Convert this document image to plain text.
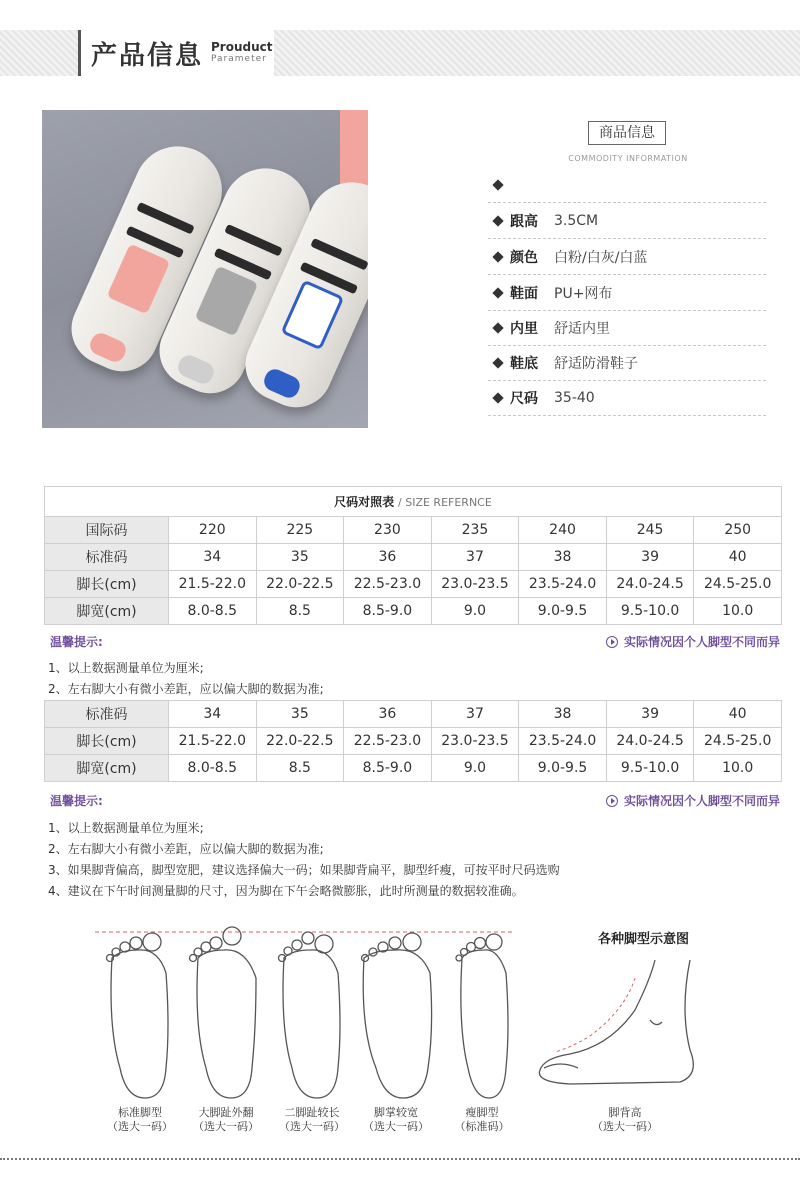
产品信息 Prouduct
Parameter
商品信息
COMMODITY INFORMATION
跟高	3.5CM
颜色	白粉/白灰/白蓝
鞋面	PU+网布
内里	舒适内里
鞋底	舒适防滑鞋子
尺码	35-40
尺码对照表 / SIZE REFERNCE							
国际码	220	225	230	235	240	245	250
标准码	34	35	36	37	38	39	40
脚长(cm)	21.5-22.0	22.0-22.5	22.5-23.0	23.0-23.5	23.5-24.0	24.0-24.5	24.5-25.0
脚宽(cm)	8.0-8.5	8.5	8.5-9.0	9.0	9.0-9.5	9.5-10.0	10.0
温馨提示:	实际情况因个人脚型不同而异
1、以上数据测量单位为厘米;
2、左右脚大小有微小差距，应以偏大脚的数据为准;
标准码	34	35	36	37	38	39	40
脚长(cm)	21.5-22.0	22.0-22.5	22.5-23.0	23.0-23.5	23.5-24.0	24.0-24.5	24.5-25.0
脚宽(cm)	8.0-8.5	8.5	8.5-9.0	9.0	9.0-9.5	9.5-10.0	10.0
温馨提示:	实际情况因个人脚型不同而异
1、以上数据测量单位为厘米;
2、左右脚大小有微小差距，应以偏大脚的数据为准;
3、如果脚背偏高，脚型宽肥，建议选择偏大一码；如果脚背扁平，脚型纤瘦，可按平时尺码选购
4、建议在下午时间测量脚的尺寸，因为脚在下午会略微膨胀，此时所测量的数据较准确。
标准脚型
（选大一码）
大脚趾外翻
（选大一码）
二脚趾较长
（选大一码）
脚掌较宽
（选大一码）
瘦脚型
（标准码）
各种脚型示意图
脚背高
（选大一码）
